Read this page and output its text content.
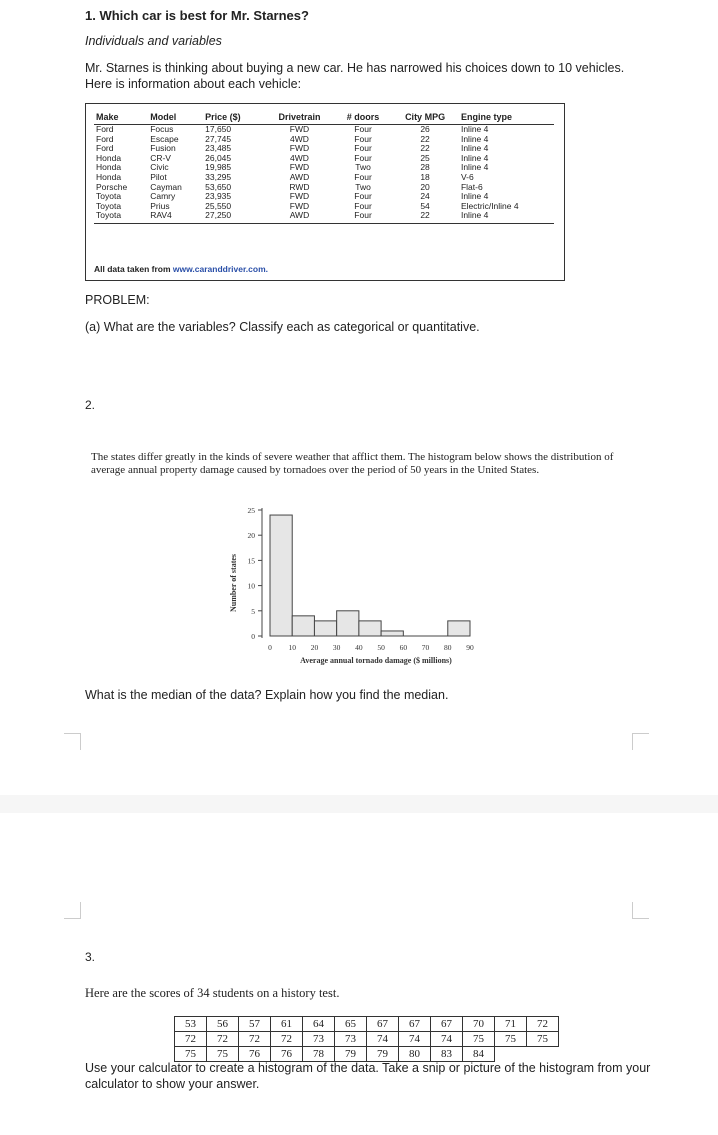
1. Which car is best for Mr. Starnes?
Individuals and variables
Mr. Starnes is thinking about buying a new car. He has narrowed his choices down to 10 vehicles. Here is information about each vehicle:
Make	Model	Price ($)	Drivetrain	# doors	City MPG	Engine type
Ford	Focus	17,650	FWD	Four	26	Inline 4
Ford	Escape	27,745	4WD	Four	22	Inline 4
Ford	Fusion	23,485	FWD	Four	22	Inline 4
Honda	CR-V	26,045	4WD	Four	25	Inline 4
Honda	Civic	19,985	FWD	Two	28	Inline 4
Honda	Pilot	33,295	AWD	Four	18	V-6
Porsche	Cayman	53,650	RWD	Two	20	Flat-6
Toyota	Camry	23,935	FWD	Four	24	Inline 4
Toyota	Prius	25,550	FWD	Four	54	Electric/Inline 4
Toyota	RAV4	27,250	AWD	Four	22	Inline 4
All data taken from www.caranddriver.com.
PROBLEM:
(a) What are the variables? Classify each as categorical or quantitative.
2.
The states differ greatly in the kinds of severe weather that afflict them. The histogram below shows the distribution of average annual property damage caused by tornadoes over the period of 50 years in the United States.
0
5
10
15
20
25
0 10 20 30 40 50 60 70 80 90
Average annual tornado damage ($ millions)
Number of states
What is the median of the data? Explain how you find the median.
3.
Here are the scores of 34 students on a history test.
53	56	57	61	64	65	67	67	67	70	71	72
72	72	72	72	73	73	74	74	74	75	75	75
75	75	76	76	78	79	79	80	83	84		
Use your calculator to create a histogram of the data. Take a snip or picture of the histogram from your calculator to show your answer.
